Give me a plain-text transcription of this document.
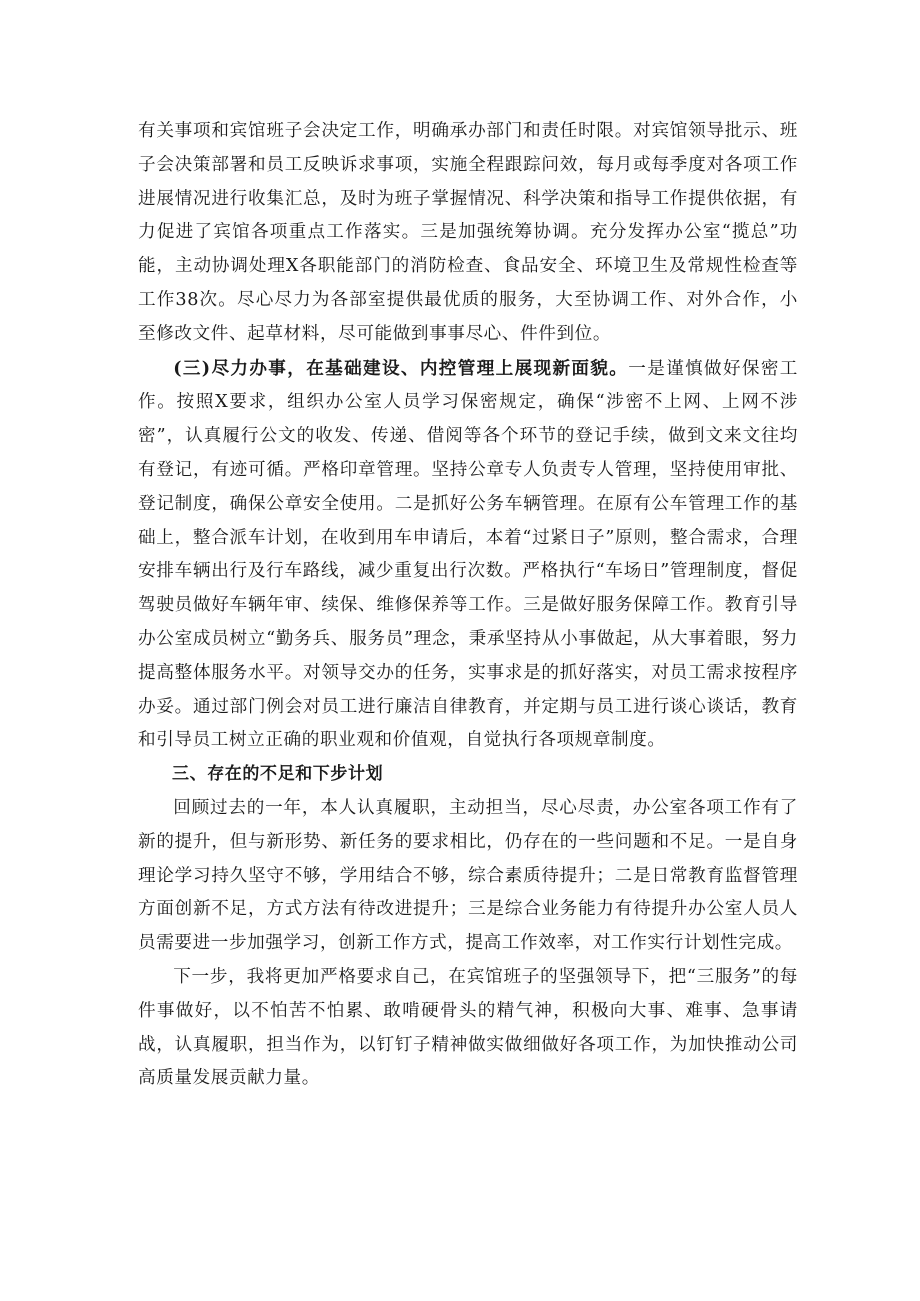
有关事项和宾馆班子会决定工作，明确承办部门和责任时限。对宾馆领导批示、班子会决策部署和员工反映诉求事项，实施全程跟踪问效，每月或每季度对各项工作进展情况进行收集汇总，及时为班子掌握情况、科学决策和指导工作提供依据，有力促进了宾馆各项重点工作落实。三是加强统筹协调。充分发挥办公室“揽总”功能，主动协调处理X各职能部门的消防检查、食品安全、环境卫生及常规性检查等工作38次。尽心尽力为各部室提供最优质的服务，大至协调工作、对外合作，小至修改文件、起草材料，尽可能做到事事尽心、件件到位。

(三)尽力办事，在基础建设、内控管理上展现新面貌。一是谨慎做好保密工作。按照X要求，组织办公室人员学习保密规定，确保“涉密不上网、上网不涉密”，认真履行公文的收发、传递、借阅等各个环节的登记手续，做到文来文往均有登记，有迹可循。严格印章管理。坚持公章专人负责专人管理，坚持使用审批、登记制度，确保公章安全使用。二是抓好公务车辆管理。在原有公车管理工作的基础上，整合派车计划，在收到用车申请后，本着“过紧日子”原则，整合需求，合理安排车辆出行及行车路线，减少重复出行次数。严格执行“车场日”管理制度，督促驾驶员做好车辆年审、续保、维修保养等工作。三是做好服务保障工作。教育引导办公室成员树立“勤务兵、服务员”理念，秉承坚持从小事做起，从大事着眼，努力提高整体服务水平。对领导交办的任务，实事求是的抓好落实，对员工需求按程序办妥。通过部门例会对员工进行廉洁自律教育，并定期与员工进行谈心谈话，教育和引导员工树立正确的职业观和价值观，自觉执行各项规章制度。

三、存在的不足和下步计划

回顾过去的一年，本人认真履职，主动担当，尽心尽责，办公室各项工作有了新的提升，但与新形势、新任务的要求相比，仍存在的一些问题和不足。一是自身理论学习持久坚守不够，学用结合不够，综合素质待提升；二是日常教育监督管理方面创新不足，方式方法有待改进提升；三是综合业务能力有待提升办公室人员人员需要进一步加强学习，创新工作方式，提高工作效率，对工作实行计划性完成。

下一步，我将更加严格要求自己，在宾馆班子的坚强领导下，把“三服务”的每件事做好，以不怕苦不怕累、敢啃硬骨头的精气神，积极向大事、难事、急事请战，认真履职，担当作为，以钉钉子精神做实做细做好各项工作，为加快推动公司高质量发展贡献力量。
